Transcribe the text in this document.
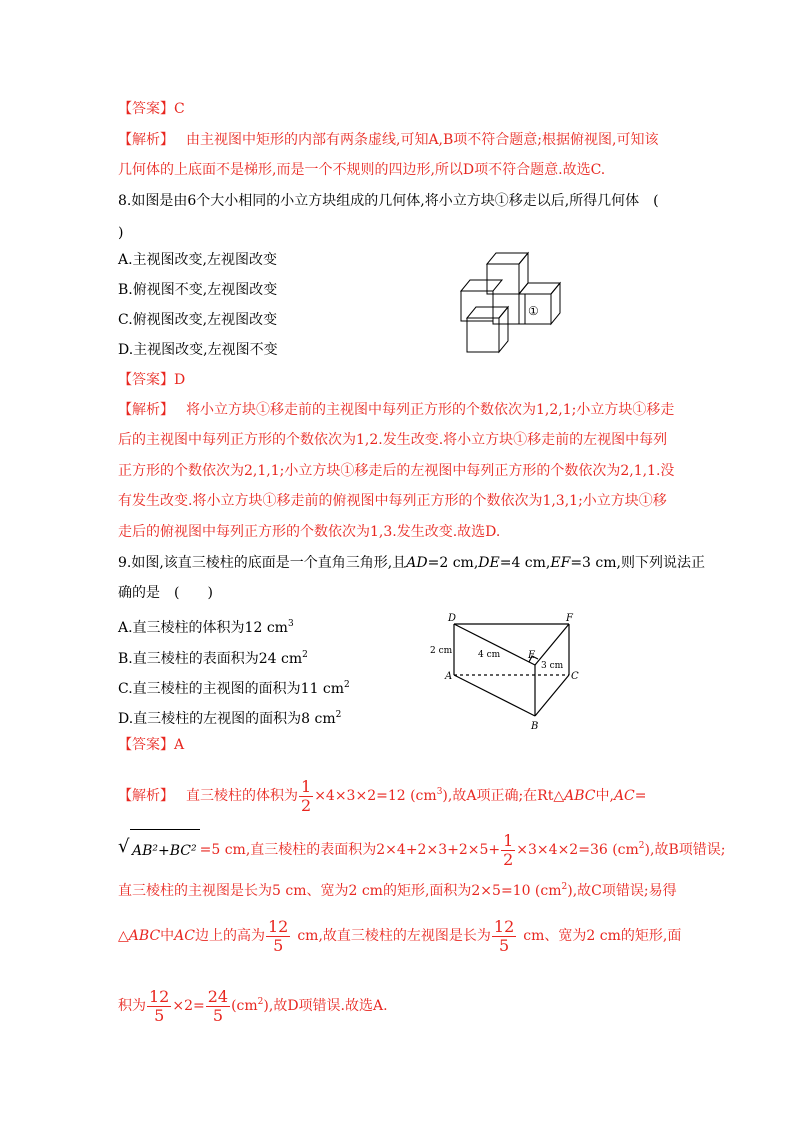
【答案】C
【解析】 由主视图中矩形的内部有两条虚线,可知A,B项不符合题意;根据俯视图,可知该
几何体的上底面不是梯形,而是一个不规则的四边形,所以D项不符合题意.故选C.
8.如图是由6个大小相同的小立方块组成的几何体,将小立方块①移走以后,所得几何体　(
)
A.主视图改变,左视图改变
B.俯视图不变,左视图改变
C.俯视图改变,左视图改变
D.主视图改变,左视图不变
①
【答案】D
【解析】 将小立方块①移走前的主视图中每列正方形的个数依次为1,2,1;小立方块①移走
后的主视图中每列正方形的个数依次为1,2.发生改变.将小立方块①移走前的左视图中每列
正方形的个数依次为2,1,1;小立方块①移走后的左视图中每列正方形的个数依次为2,1,1.没
有发生改变.将小立方块①移走前的俯视图中每列正方形的个数依次为1,3,1;小立方块①移
走后的俯视图中每列正方形的个数依次为1,3.发生改变.故选D.
9.如图,该直三棱柱的底面是一个直角三角形,且AD=2 cm,DE=4 cm,EF=3 cm,则下列说法正
确的是　(　　)
A.直三棱柱的体积为12 $cm^3$
B.直三棱柱的表面积为24 $cm^2$
C.直三棱柱的主视图的面积为11 $cm^2$
D.直三棱柱的左视图的面积为8 $cm^2$
D	F
E
A	C
B
2 cm	4 cm
3 cm
【答案】A
【解析】 直三棱柱的体积为 $\frac{1}{2} \times 4\times 3\times 2=12$ $(cm^3)$,故A项正确;在Rt△ABC中,AC=
√ AB²+BC² =5 cm,直三棱柱的表面积为$2\times 4+2\times 3+2\times 5+ \frac{1}{2} \times 3\times 4\times 2=36$ $(cm^2)$,故B项错误;
直三棱柱的主视图是长为5 cm、宽为2 cm的矩形,面积为2×5=10 $(cm^2)$,故C项错误;易得
△ABC中AC边上的高为 $\frac{12}{5}$ cm,故直三棱柱的左视图是长为 $\frac{12}{5}$ cm、宽为2 cm的矩形,面
积为 $\frac{12}{5} \times 2= \frac{24}{5} (cm^2)$,故D项错误.故选A.
